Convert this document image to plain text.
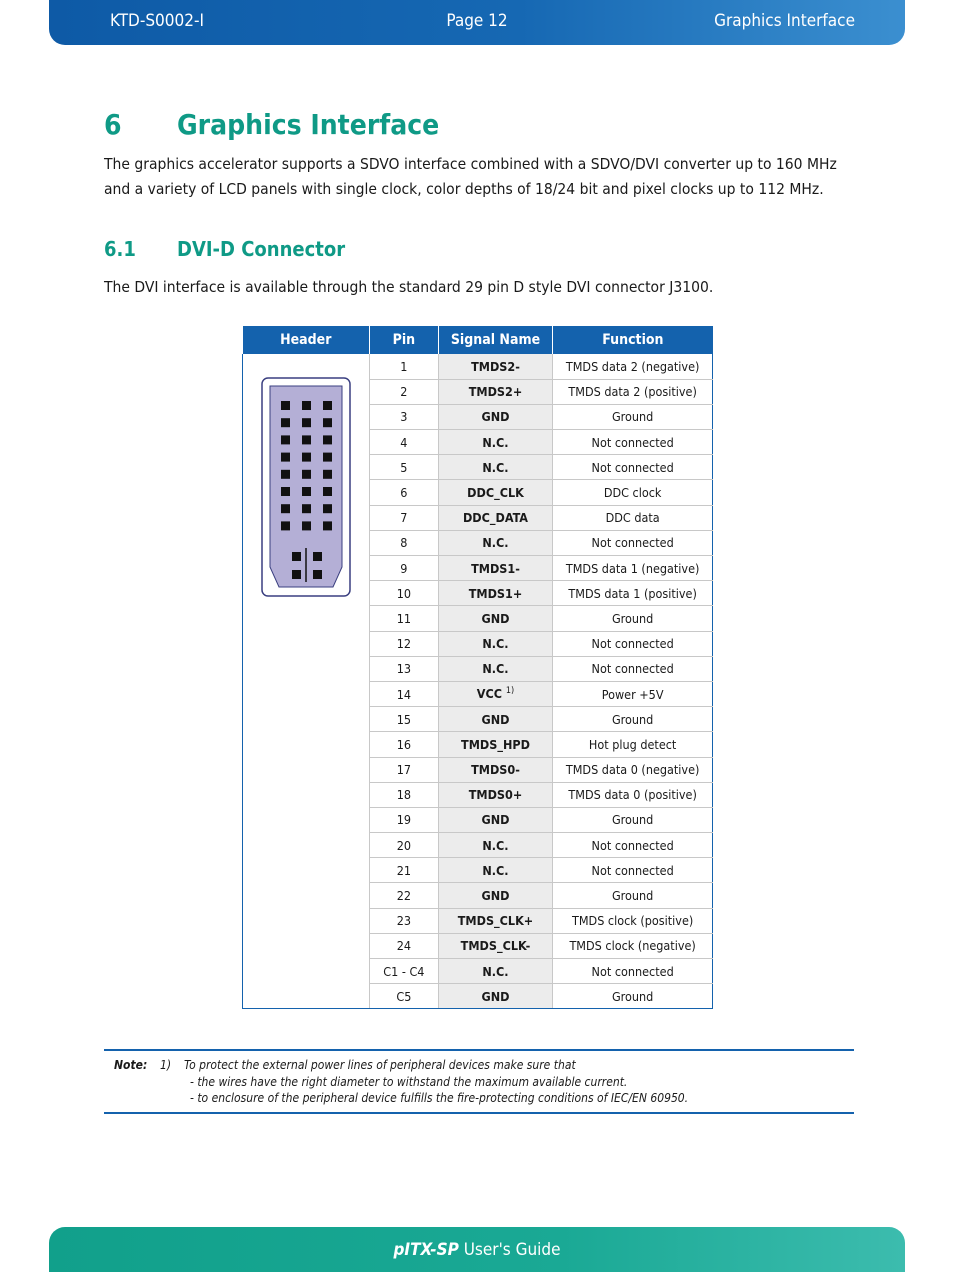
KTD-S0002-I	Page 12	Graphics Interface
6 Graphics Interface
The graphics accelerator supports a SDVO interface combined with a SDVO/DVI converter up to 160 MHz and a variety of LCD panels with single clock, color depths of 18/24 bit and pixel clocks up to 112 MHz.
6.1 DVI-D Connector
The DVI interface is available through the standard 29 pin D style DVI connector J3100.
Header	Pin	Signal Name	Function
	1	TMDS2-	TMDS data 2 (negative)
	2	TMDS2+	TMDS data 2 (positive)
	3	GND	Ground
	4	N.C.	Not connected
	5	N.C.	Not connected
	6	DDC_CLK	DDC clock
	7	DDC_DATA	DDC data
	8	N.C.	Not connected
	9	TMDS1-	TMDS data 1 (negative)
	10	TMDS1+	TMDS data 1 (positive)
	11	GND	Ground
	12	N.C.	Not connected
	13	N.C.	Not connected
	14	VCC $^{1)}$	Power +5V
	15	GND	Ground
	16	TMDS_HPD	Hot plug detect
	17	TMDS0-	TMDS data 0 (negative)
	18	TMDS0+	TMDS data 0 (positive)
	19	GND	Ground
	20	N.C.	Not connected
	21	N.C.	Not connected
	22	GND	Ground
	23	TMDS_CLK+	TMDS clock (positive)
	24	TMDS_CLK-	TMDS clock (negative)
	C1 - C4	N.C.	Not connected
	C5	GND	Ground
Note: 1) To protect the external power lines of peripheral devices make sure that
- the wires have the right diameter to withstand the maximum available current.
- to enclosure of the peripheral device fulfills the fire-protecting conditions of IEC/EN 60950.
pITX-SP User's Guide
